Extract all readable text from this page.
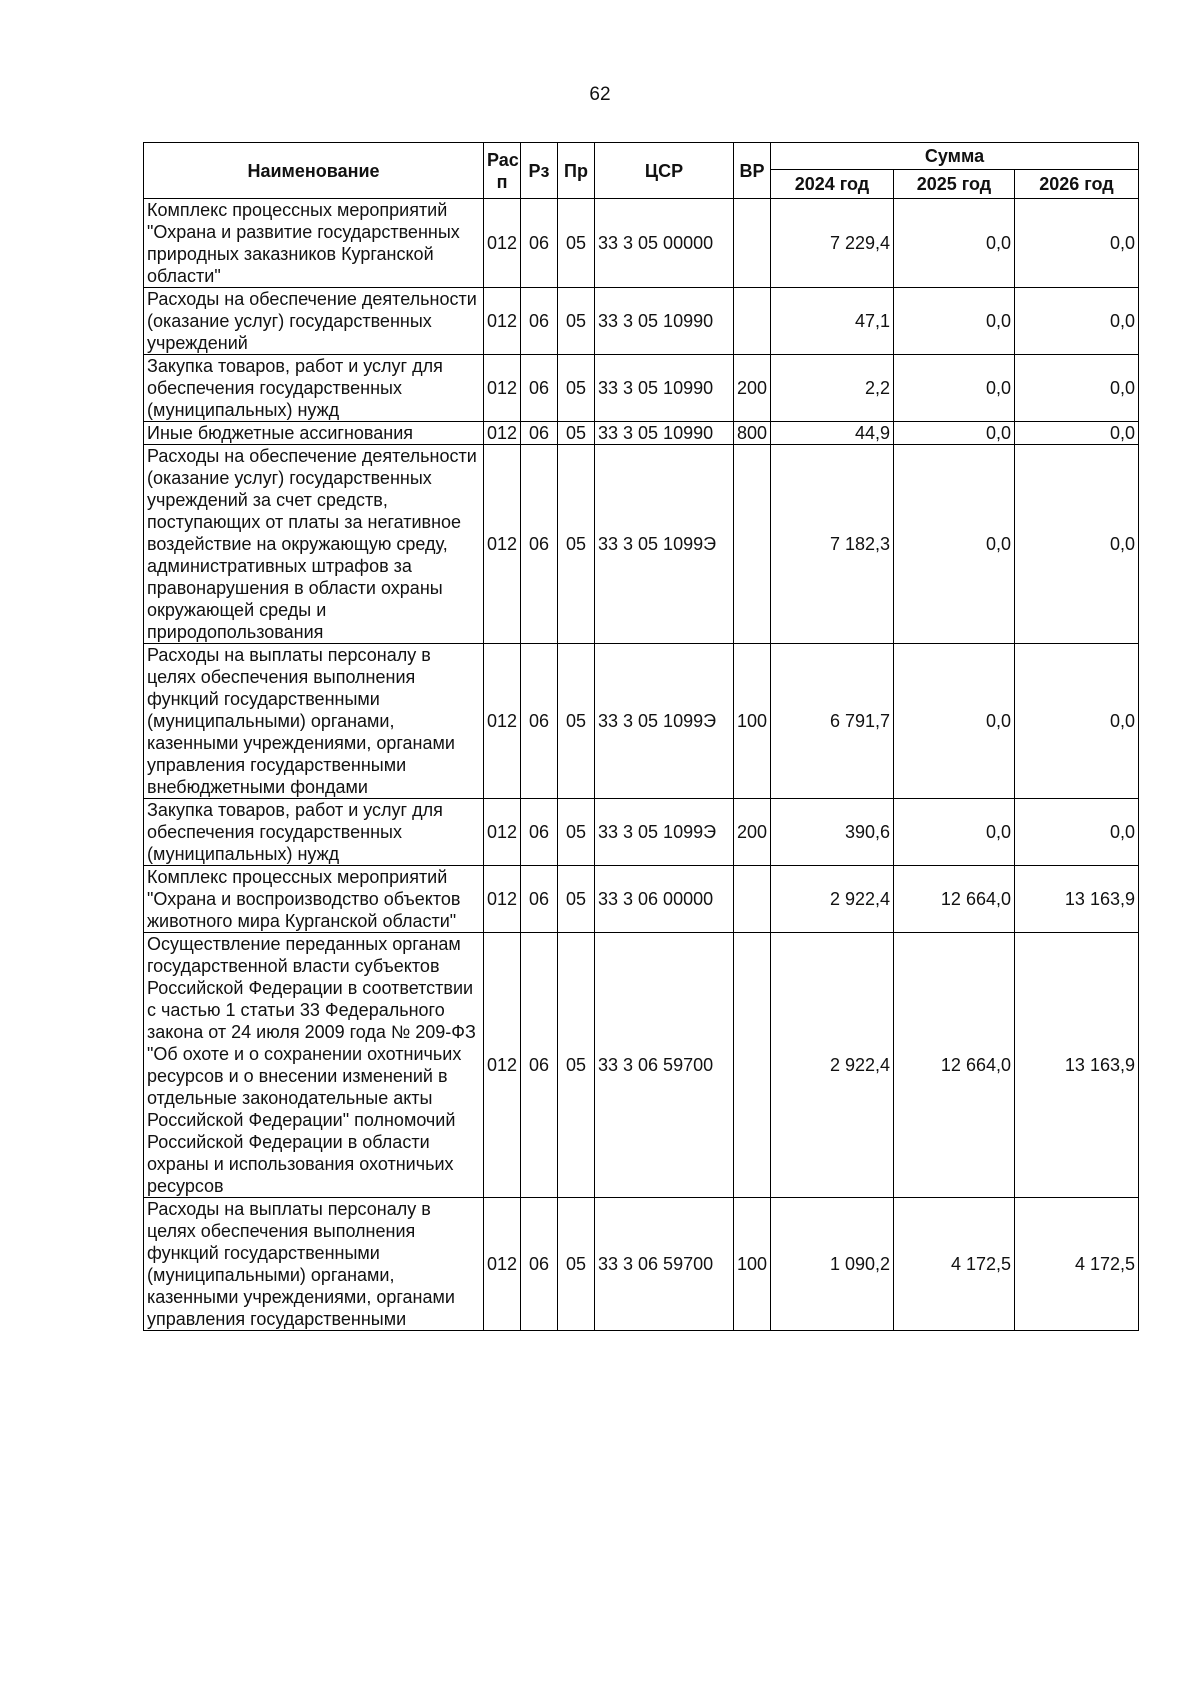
62
Наименование	Рас п	Рз	Пр	ЦСР	ВР	Сумма		
						2024 год	2025 год	2026 год
Комплекс процессных мероприятий "Охрана и развитие государственных природных заказников Курганской области"	012	06	05	33 3 05 00000		7 229,4	0,0	0,0
Расходы на обеспечение деятельности (оказание услуг) государственных учреждений	012	06	05	33 3 05 10990		47,1	0,0	0,0
Закупка товаров, работ и услуг для обеспечения государственных (муниципальных) нужд	012	06	05	33 3 05 10990	200	2,2	0,0	0,0
Иные бюджетные ассигнования	012	06	05	33 3 05 10990	800	44,9	0,0	0,0
Расходы на обеспечение деятельности (оказание услуг) государственных учреждений за счет средств, поступающих от платы за негативное воздействие на окружающую среду, административных штрафов за правонарушения в области охраны окружающей среды и природопользования	012	06	05	33 3 05 1099Э		7 182,3	0,0	0,0
Расходы на выплаты персоналу в целях обеспечения выполнения функций государственными (муниципальными) органами, казенными учреждениями, органами управления государственными внебюджетными фондами	012	06	05	33 3 05 1099Э	100	6 791,7	0,0	0,0
Закупка товаров, работ и услуг для обеспечения государственных (муниципальных) нужд	012	06	05	33 3 05 1099Э	200	390,6	0,0	0,0
Комплекс процессных мероприятий "Охрана и воспроизводство объектов животного мира Курганской области"	012	06	05	33 3 06 00000		2 922,4	12 664,0	13 163,9
Осуществление переданных органам государственной власти субъектов Российской Федерации в соответствии с частью 1 статьи 33 Федерального закона от 24 июля 2009 года № 209-ФЗ "Об охоте и о сохранении охотничьих ресурсов и о внесении изменений в отдельные законодательные акты Российской Федерации" полномочий Российской Федерации в области охраны и использования охотничьих ресурсов	012	06	05	33 3 06 59700		2 922,4	12 664,0	13 163,9
Расходы на выплаты персоналу в целях обеспечения выполнения функций государственными (муниципальными) органами, казенными учреждениями, органами управления государственными	012	06	05	33 3 06 59700	100	1 090,2	4 172,5	4 172,5
